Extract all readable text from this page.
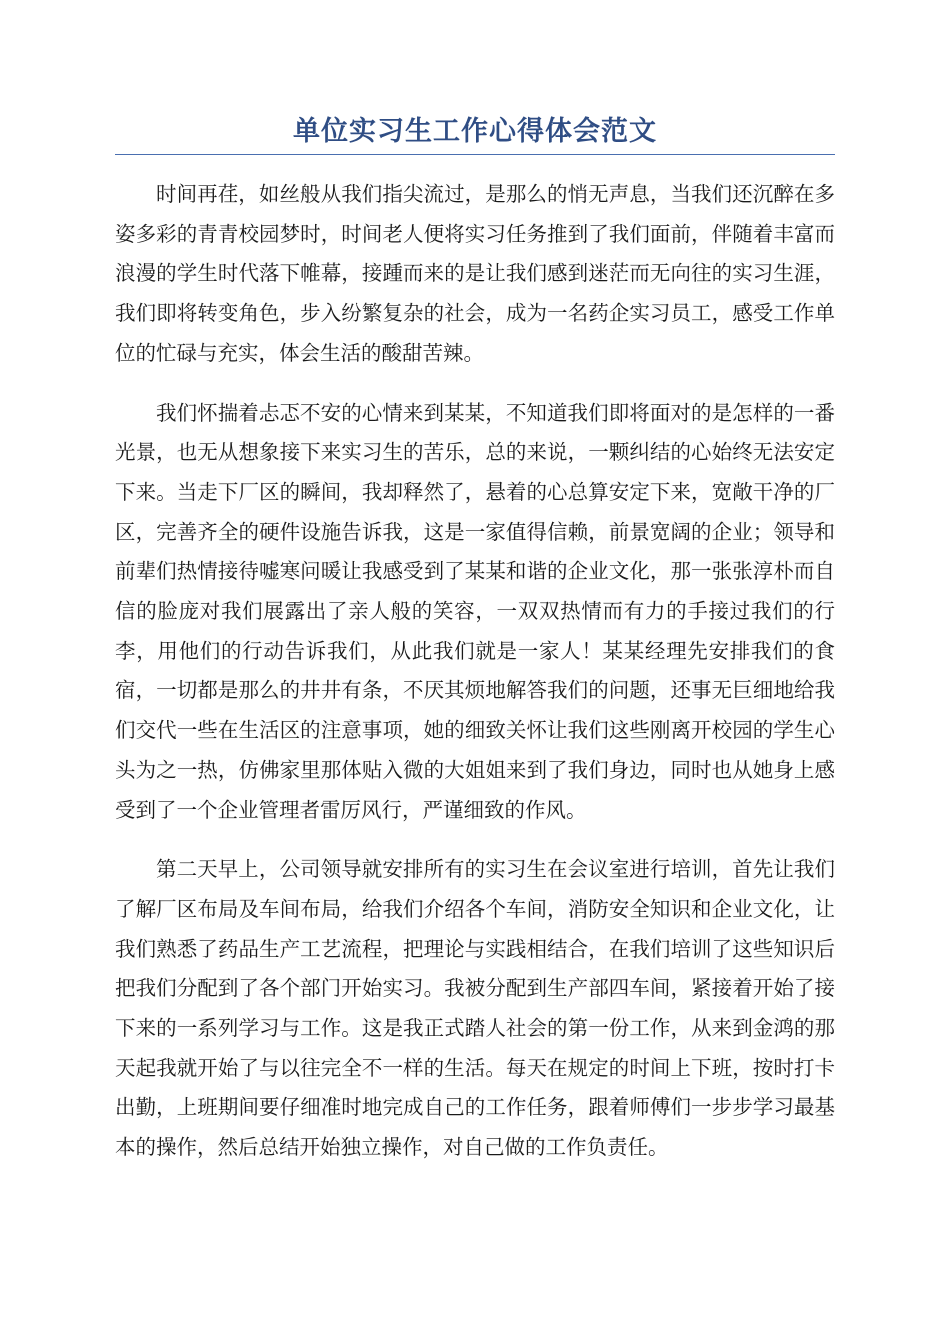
单位实习生工作心得体会范文

时间再荏，如丝般从我们指尖流过，是那么的悄无声息，当我们还沉醉在多姿多彩的青青校园梦时，时间老人便将实习任务推到了我们面前，伴随着丰富而浪漫的学生时代落下帷幕，接踵而来的是让我们感到迷茫而无向往的实习生涯，我们即将转变角色，步入纷繁复杂的社会，成为一名药企实习员工，感受工作单位的忙碌与充实，体会生活的酸甜苦辣。

我们怀揣着忐忑不安的心情来到某某，不知道我们即将面对的是怎样的一番光景，也无从想象接下来实习生的苦乐，总的来说，一颗纠结的心始终无法安定下来。当走下厂区的瞬间，我却释然了，悬着的心总算安定下来，宽敞干净的厂区，完善齐全的硬件设施告诉我，这是一家值得信赖，前景宽阔的企业；领导和前辈们热情接待嘘寒问暖让我感受到了某某和谐的企业文化，那一张张淳朴而自信的脸庞对我们展露出了亲人般的笑容，一双双热情而有力的手接过我们的行李，用他们的行动告诉我们，从此我们就是一家人！某某经理先安排我们的食宿，一切都是那么的井井有条，不厌其烦地解答我们的问题，还事无巨细地给我们交代一些在生活区的注意事项，她的细致关怀让我们这些刚离开校园的学生心头为之一热，仿佛家里那体贴入微的大姐姐来到了我们身边，同时也从她身上感受到了一个企业管理者雷厉风行，严谨细致的作风。

第二天早上，公司领导就安排所有的实习生在会议室进行培训，首先让我们了解厂区布局及车间布局，给我们介绍各个车间，消防安全知识和企业文化，让我们熟悉了药品生产工艺流程，把理论与实践相结合，在我们培训了这些知识后把我们分配到了各个部门开始实习。我被分配到生产部四车间，紧接着开始了接下来的一系列学习与工作。这是我正式踏人社会的第一份工作，从来到金鸿的那天起我就开始了与以往完全不一样的生活。每天在规定的时间上下班，按时打卡出勤，上班期间要仔细准时地完成自己的工作任务，跟着师傅们一步步学习最基本的操作，然后总结开始独立操作，对自己做的工作负责任。
